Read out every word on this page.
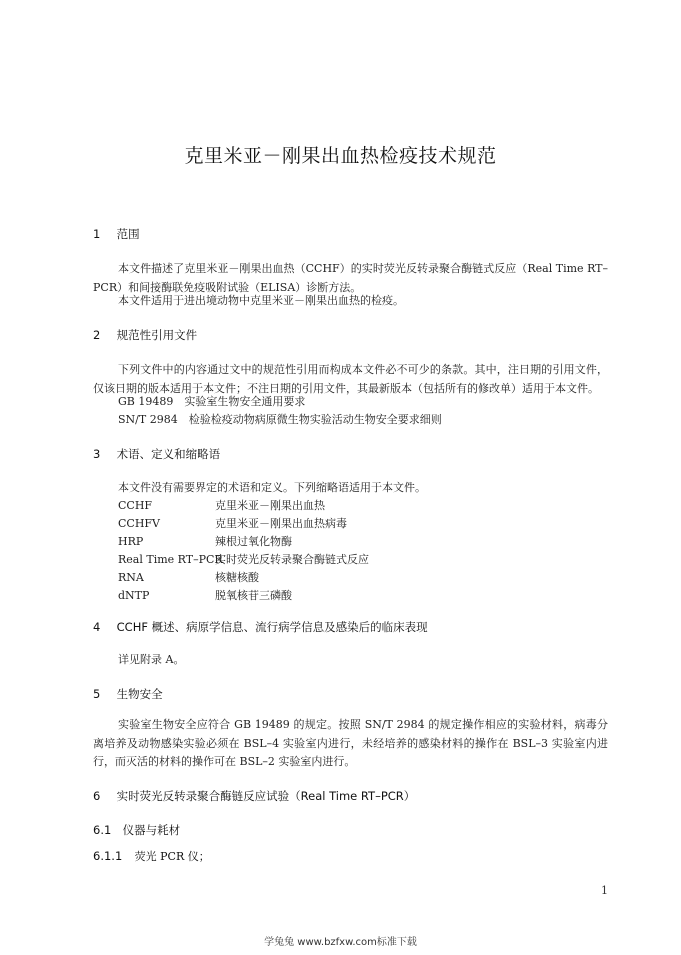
克里米亚－刚果出血热检疫技术规范
1 范围
本文件描述了克里米亚－刚果出血热（CCHF）的实时荧光反转录聚合酶链式反应（Real Time RT–PCR）和间接酶联免疫吸附试验（ELISA）诊断方法。
本文件适用于进出境动物中克里米亚－刚果出血热的检疫。
2 规范性引用文件
下列文件中的内容通过文中的规范性引用而构成本文件必不可少的条款。其中，注日期的引用文件，仅该日期的版本适用于本文件；不注日期的引用文件，其最新版本（包括所有的修改单）适用于本文件。
GB 19489　实验室生物安全通用要求
SN/T 2984　检验检疫动物病原微生物实验活动生物安全要求细则
3 术语、定义和缩略语
本文件没有需要界定的术语和定义。下列缩略语适用于本文件。
CCHF	克里米亚－刚果出血热
CCHFV	克里米亚－刚果出血热病毒
HRP	辣根过氧化物酶
Real Time RT–PCR实时荧光反转录聚合酶链式反应
RNA	核糖核酸
dNTP	脱氧核苷三磷酸
4 CCHF 概述、病原学信息、流行病学信息及感染后的临床表现
详见附录 A。
5 生物安全
实验室生物安全应符合 GB 19489 的规定。按照 SN/T 2984 的规定操作相应的实验材料，病毒分离培养及动物感染实验必须在 BSL–4 实验室内进行，未经培养的感染材料的操作在 BSL–3 实验室内进行，而灭活的材料的操作可在 BSL–2 实验室内进行。
6 实时荧光反转录聚合酶链反应试验（Real Time RT–PCR）
6.1 仪器与耗材
6.1.1 荧光 PCR 仪；
1
学兔兔 www.bzfxw.com标准下载
